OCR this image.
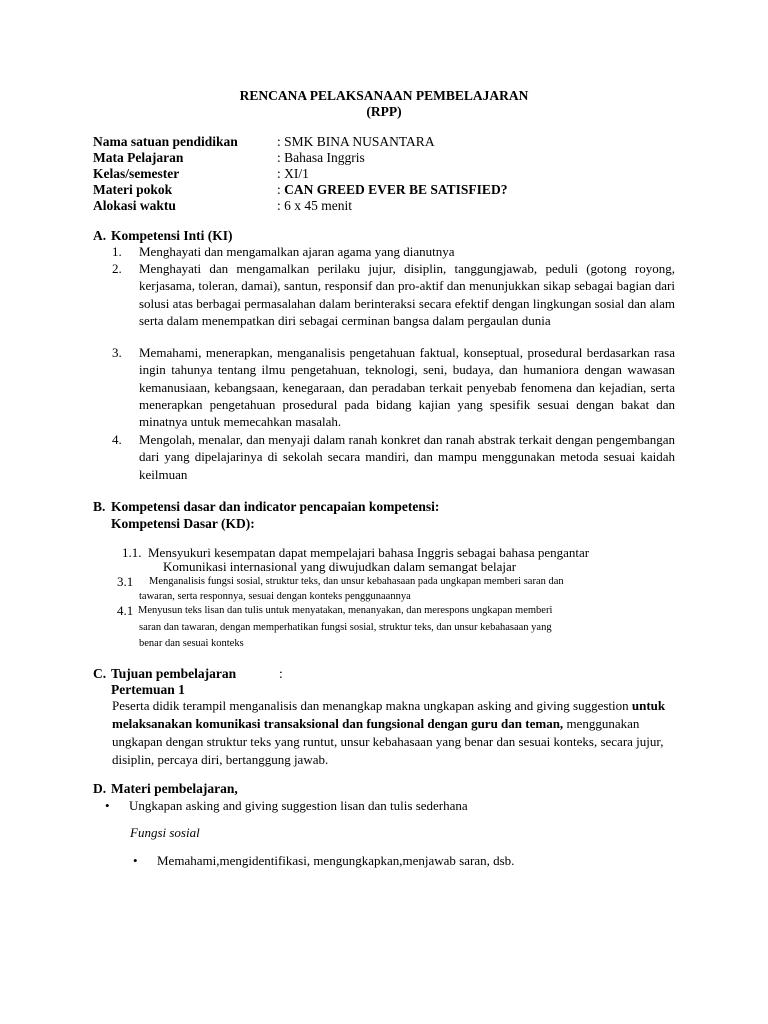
RENCANA PELAKSANAAN PEMBELAJARAN
(RPP)
Nama satuan pendidikan	: SMK BINA NUSANTARA
Mata Pelajaran	: Bahasa Inggris
Kelas/semester	: XI/1
Materi pokok	: CAN GREED EVER BE SATISFIED?
Alokasi waktu	: 6 x 45 menit
A. Kompetensi Inti (KI)
1. Menghayati dan mengamalkan ajaran agama yang dianutnya
2. Menghayati dan mengamalkan perilaku jujur, disiplin, tanggungjawab, peduli (gotong royong, kerjasama, toleran, damai), santun, responsif dan pro-aktif dan menunjukkan sikap sebagai bagian dari solusi atas berbagai permasalahan dalam berinteraksi secara efektif dengan lingkungan sosial dan alam serta dalam menempatkan diri sebagai cerminan bangsa dalam pergaulan dunia
3. Memahami, menerapkan, menganalisis pengetahuan faktual, konseptual, prosedural berdasarkan rasa ingin tahunya tentang ilmu pengetahuan, teknologi, seni, budaya, dan humaniora dengan wawasan kemanusiaan, kebangsaan, kenegaraan, dan peradaban terkait penyebab fenomena dan kejadian, serta menerapkan pengetahuan prosedural pada bidang kajian yang spesifik sesuai dengan bakat dan minatnya untuk memecahkan masalah.
4. Mengolah, menalar, dan menyaji dalam ranah konkret dan ranah abstrak terkait dengan pengembangan dari yang dipelajarinya di sekolah secara mandiri, dan mampu menggunakan metoda sesuai kaidah keilmuan
B. Kompetensi dasar dan indicator pencapaian kompetensi:
Kompetensi Dasar (KD):
1.1. Mensyukuri kesempatan dapat mempelajari bahasa Inggris sebagai bahasa pengantar
Komunikasi internasional yang diwujudkan dalam semangat belajar
3.1 Menganalisis fungsi sosial, struktur teks, dan unsur kebahasaan pada ungkapan memberi saran dan
tawaran, serta responnya, sesuai dengan konteks penggunaannya
4.1 Menyusun teks lisan dan tulis untuk menyatakan, menanyakan, dan merespons ungkapan memberi
saran dan tawaran, dengan memperhatikan fungsi sosial, struktur teks, dan unsur kebahasaan yang
benar dan sesuai konteks
C. Tujuan pembelajaran	:
Pertemuan 1
Peserta didik terampil menganalisis dan menangkap makna ungkapan asking and giving suggestion untuk melaksanakan komunikasi transaksional dan fungsional dengan guru dan teman, menggunakan ungkapan dengan struktur teks yang runtut, unsur kebahasaan yang benar dan sesuai konteks, secara jujur, disiplin, percaya diri, bertanggung jawab.
D. Materi pembelajaran,
• Ungkapan asking and giving suggestion lisan dan tulis sederhana
Fungsi sosial
• Memahami,mengidentifikasi, mengungkapkan,menjawab saran, dsb.
